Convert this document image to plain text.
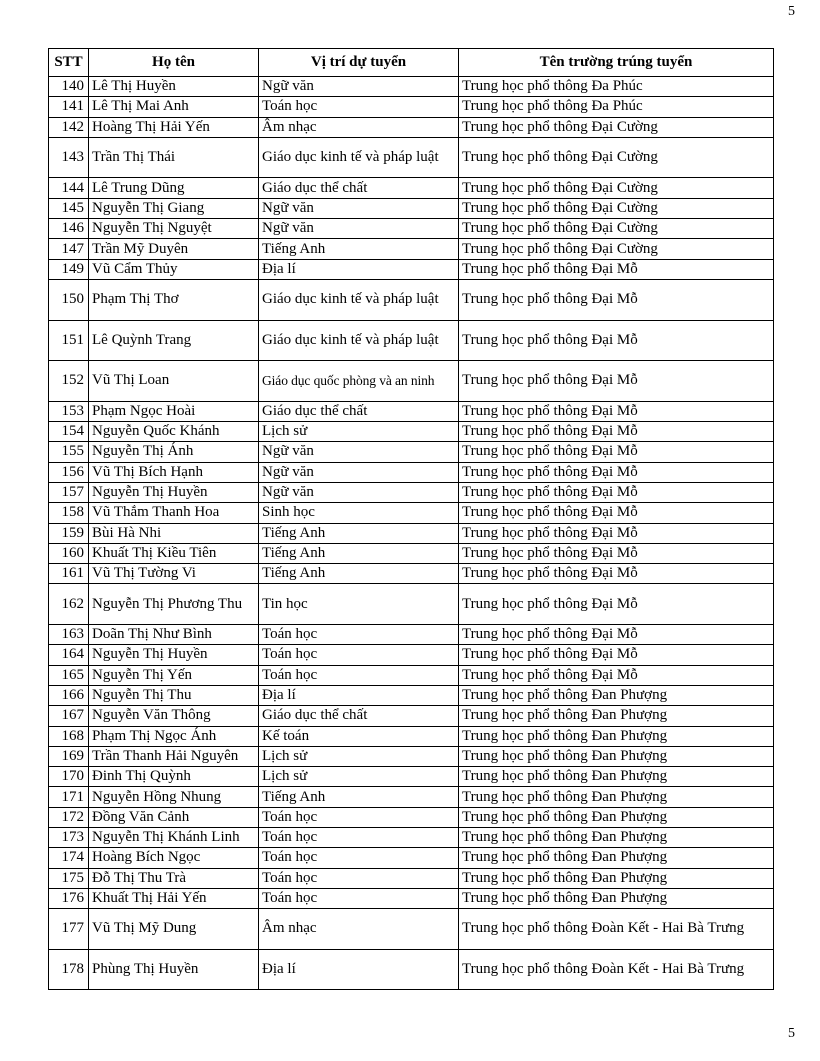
5
STT	Họ tên	Vị trí dự tuyển	Tên trường trúng tuyển
140	Lê Thị Huyền	Ngữ văn	Trung học phổ thông Đa Phúc
141	Lê Thị Mai Anh	Toán học	Trung học phổ thông Đa Phúc
142	Hoàng Thị Hải Yến	Âm nhạc	Trung học phổ thông Đại Cường
143	Trần Thị Thái	Giáo dục kinh tế và pháp luật	Trung học phổ thông Đại Cường
144	Lê Trung Dũng	Giáo dục thể chất	Trung học phổ thông Đại Cường
145	Nguyễn Thị Giang	Ngữ văn	Trung học phổ thông Đại Cường
146	Nguyễn Thị Nguyệt	Ngữ văn	Trung học phổ thông Đại Cường
147	Trần Mỹ Duyên	Tiếng Anh	Trung học phổ thông Đại Cường
149	Vũ Cẩm Thủy	Địa lí	Trung học phổ thông Đại Mỗ
150	Phạm Thị Thơ	Giáo dục kinh tế và pháp luật	Trung học phổ thông Đại Mỗ
151	Lê Quỳnh Trang	Giáo dục kinh tế và pháp luật	Trung học phổ thông Đại Mỗ
152	Vũ Thị Loan	Giáo dục quốc phòng và an ninh	Trung học phổ thông Đại Mỗ
153	Phạm Ngọc Hoài	Giáo dục thể chất	Trung học phổ thông Đại Mỗ
154	Nguyễn Quốc Khánh	Lịch sử	Trung học phổ thông Đại Mỗ
155	Nguyễn Thị Ánh	Ngữ văn	Trung học phổ thông Đại Mỗ
156	Vũ Thị Bích Hạnh	Ngữ văn	Trung học phổ thông Đại Mỗ
157	Nguyễn Thị Huyền	Ngữ văn	Trung học phổ thông Đại Mỗ
158	Vũ Thắm Thanh Hoa	Sinh học	Trung học phổ thông Đại Mỗ
159	Bùi Hà Nhi	Tiếng Anh	Trung học phổ thông Đại Mỗ
160	Khuất Thị Kiều Tiên	Tiếng Anh	Trung học phổ thông Đại Mỗ
161	Vũ Thị Tường Vi	Tiếng Anh	Trung học phổ thông Đại Mỗ
162	Nguyễn Thị Phương Thu	Tin học	Trung học phổ thông Đại Mỗ
163	Doãn Thị Như Bình	Toán học	Trung học phổ thông Đại Mỗ
164	Nguyễn Thị Huyền	Toán học	Trung học phổ thông Đại Mỗ
165	Nguyễn Thị Yến	Toán học	Trung học phổ thông Đại Mỗ
166	Nguyễn Thị Thu	Địa lí	Trung học phổ thông Đan Phượng
167	Nguyễn Văn Thông	Giáo dục thể chất	Trung học phổ thông Đan Phượng
168	Phạm Thị Ngọc Ánh	Kế toán	Trung học phổ thông Đan Phượng
169	Trần Thanh Hải Nguyên	Lịch sử	Trung học phổ thông Đan Phượng
170	Đinh Thị Quỳnh	Lịch sử	Trung học phổ thông Đan Phượng
171	Nguyễn Hồng Nhung	Tiếng Anh	Trung học phổ thông Đan Phượng
172	Đồng Văn Cảnh	Toán học	Trung học phổ thông Đan Phượng
173	Nguyễn Thị Khánh Linh	Toán học	Trung học phổ thông Đan Phượng
174	Hoàng Bích Ngọc	Toán học	Trung học phổ thông Đan Phượng
175	Đỗ Thị Thu Trà	Toán học	Trung học phổ thông Đan Phượng
176	Khuất Thị Hải Yến	Toán học	Trung học phổ thông Đan Phượng
177	Vũ Thị Mỹ Dung	Âm nhạc	Trung học phổ thông Đoàn Kết - Hai Bà Trưng
178	Phùng Thị Huyền	Địa lí	Trung học phổ thông Đoàn Kết - Hai Bà Trưng
5
